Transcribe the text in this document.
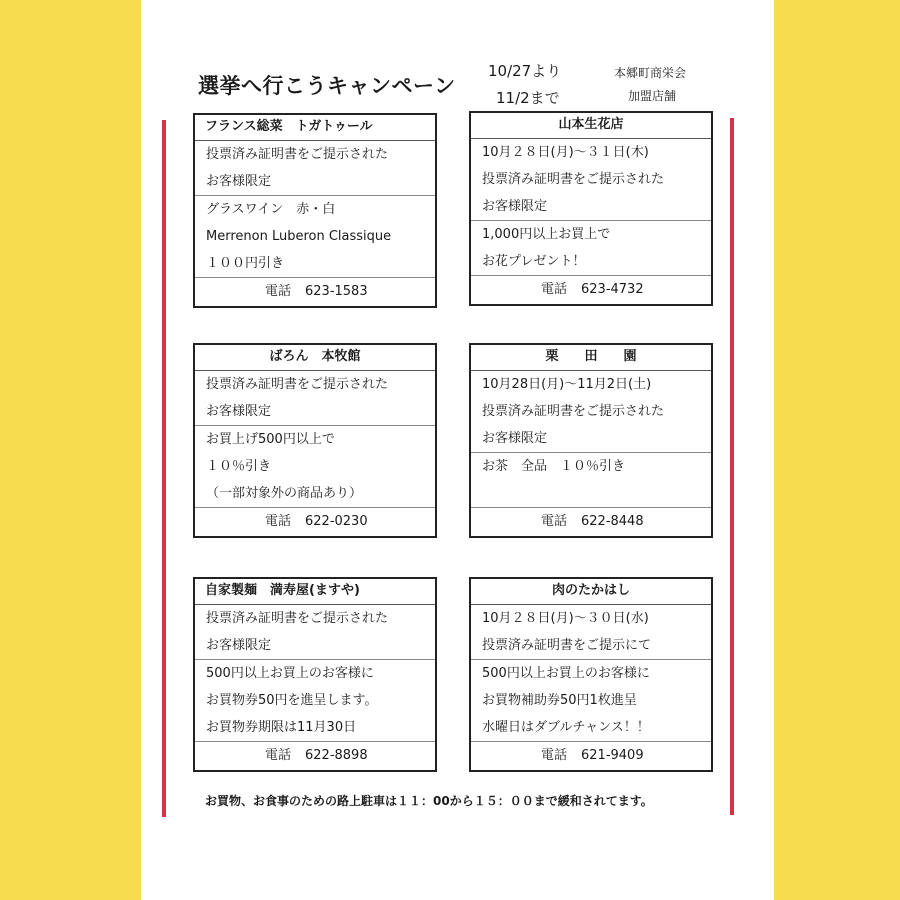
選挙へ行こうキャンペーン
10/27より
11/2まで
本郷町商栄会
加盟店舗
フランス総菜　トガトゥール
投票済み証明書をご提示された
お客様限定
グラスワイン　赤・白
Merrenon Luberon Classique
１００円引き
電話 623-1583
山本生花店
10月２８日(月)～３１日(木)
投票済み証明書をご提示された
お客様限定
1,000円以上お買上で
お花プレゼント！
電話 623-4732
ばろん　本牧館
投票済み証明書をご提示された
お客様限定
お買上げ500円以上で
１０％引き
（一部対象外の商品あり）
電話 622-0230
栗　　田　　園
10月28日(月)～11月2日(土)
投票済み証明書をご提示された
お客様限定
お茶　全品　１０％引き
電話 622-8448
自家製麺　満寿屋(ますや)
投票済み証明書をご提示された
お客様限定
500円以上お買上のお客様に
お買物券50円を進呈します。
お買物券期限は11月30日
電話 622-8898
肉のたかはし
10月２８日(月)～３０日(水)
投票済み証明書をご提示にて
500円以上お買上のお客様に
お買物補助券50円1枚進呈
水曜日はダブルチャンス！！
電話 621-9409
お買物、お食事のための路上駐車は１１：00から１５：００まで緩和されてます。
